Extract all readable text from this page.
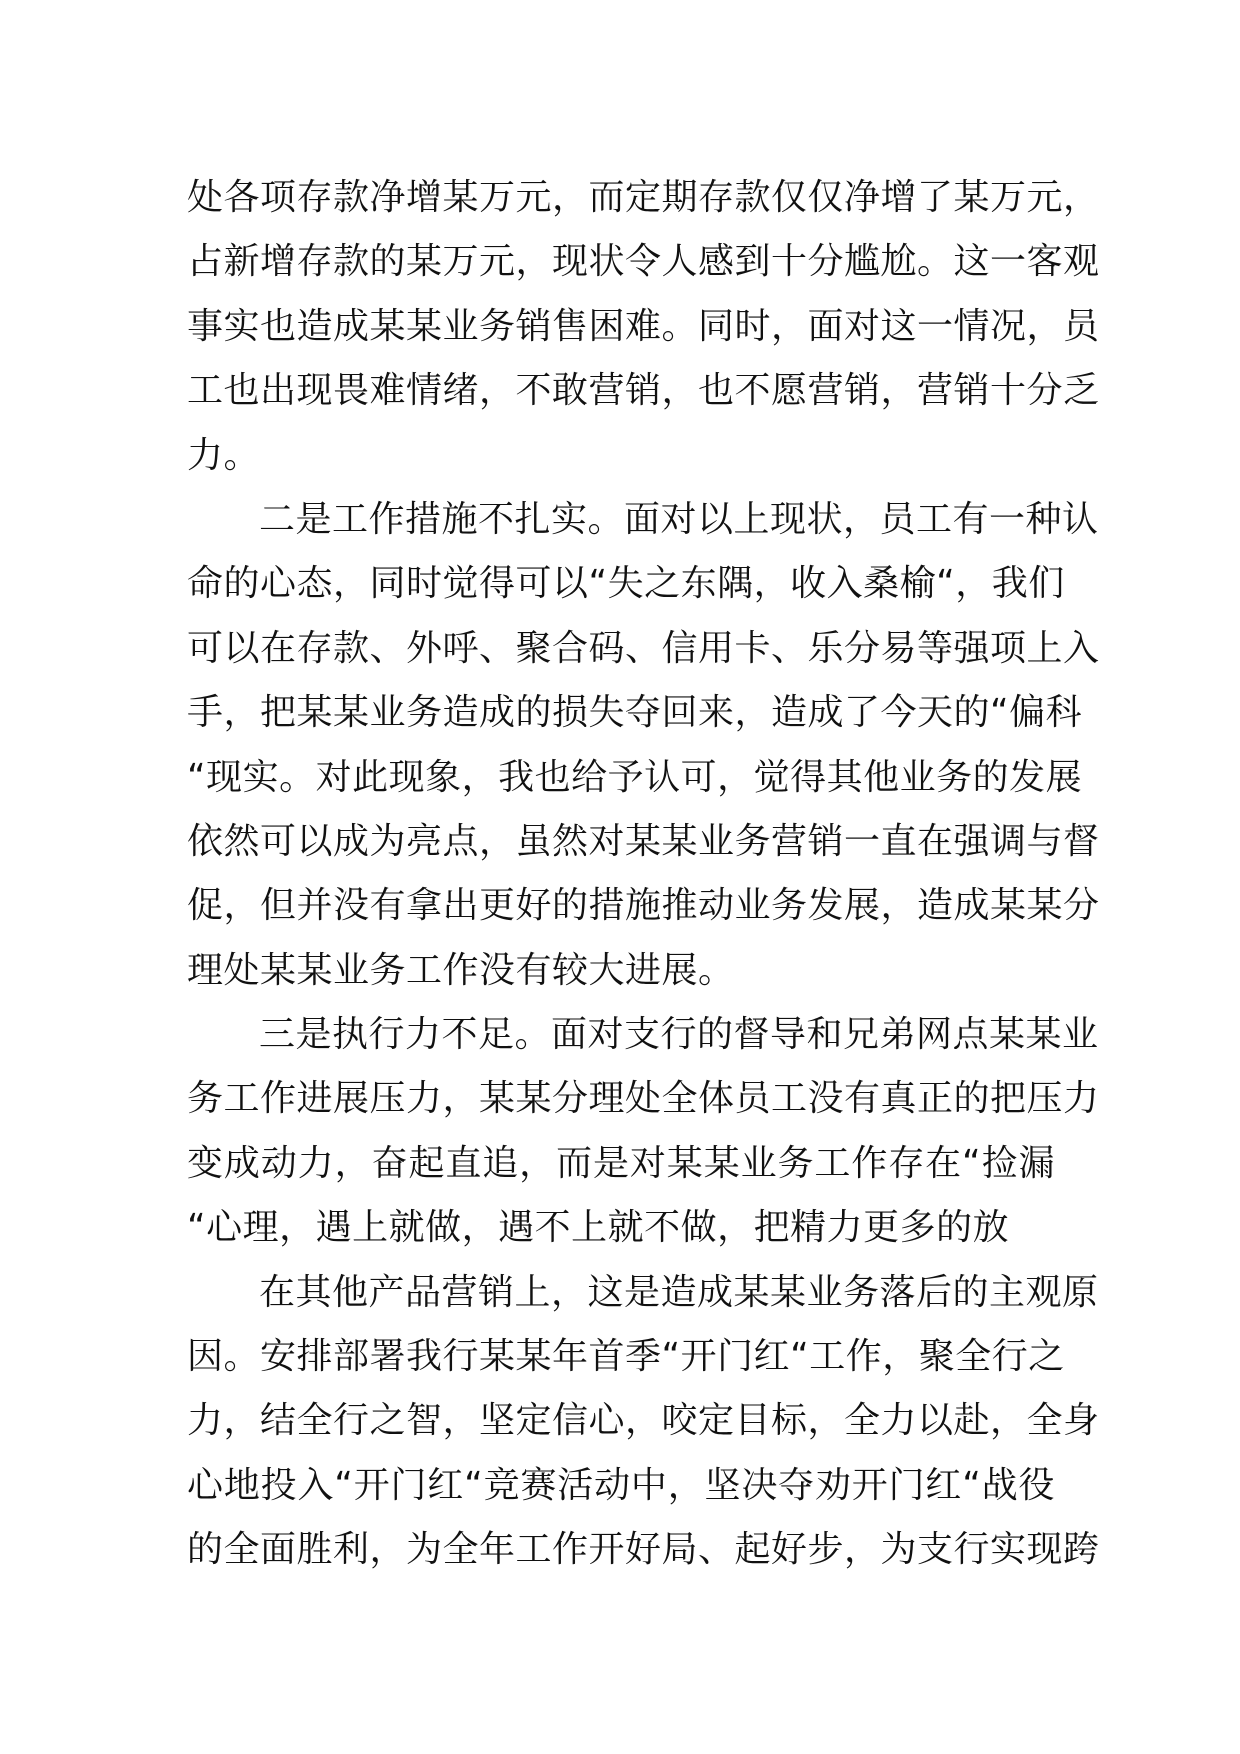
处各项存款净增某万元，而定期存款仅仅净增了某万元，
占新增存款的某万元，现状令人感到十分尴尬。这一客观
事实也造成某某业务销售困难。同时，面对这一情况，员
工也出现畏难情绪，不敢营销，也不愿营销，营销十分乏
力。
二是工作措施不扎实。面对以上现状，员工有一种认
命的心态，同时觉得可以“失之东隅，收入桑榆“，我们
可以在存款、外呼、聚合码、信用卡、乐分易等强项上入
手，把某某业务造成的损失夺回来，造成了今天的“偏科
“现实。对此现象，我也给予认可，觉得其他业务的发展
依然可以成为亮点，虽然对某某业务营销一直在强调与督
促，但并没有拿出更好的措施推动业务发展，造成某某分
理处某某业务工作没有较大进展。
三是执行力不足。面对支行的督导和兄弟网点某某业
务工作进展压力，某某分理处全体员工没有真正的把压力
变成动力，奋起直追，而是对某某业务工作存在“捡漏
“心理，遇上就做，遇不上就不做，把精力更多的放
在其他产品营销上，这是造成某某业务落后的主观原
因。安排部署我行某某年首季“开门红“工作，聚全行之
力，结全行之智，坚定信心，咬定目标，全力以赴，全身
心地投入“开门红“竞赛活动中，坚决夺劝开门红“战役
的全面胜利，为全年工作开好局、起好步，为支行实现跨
